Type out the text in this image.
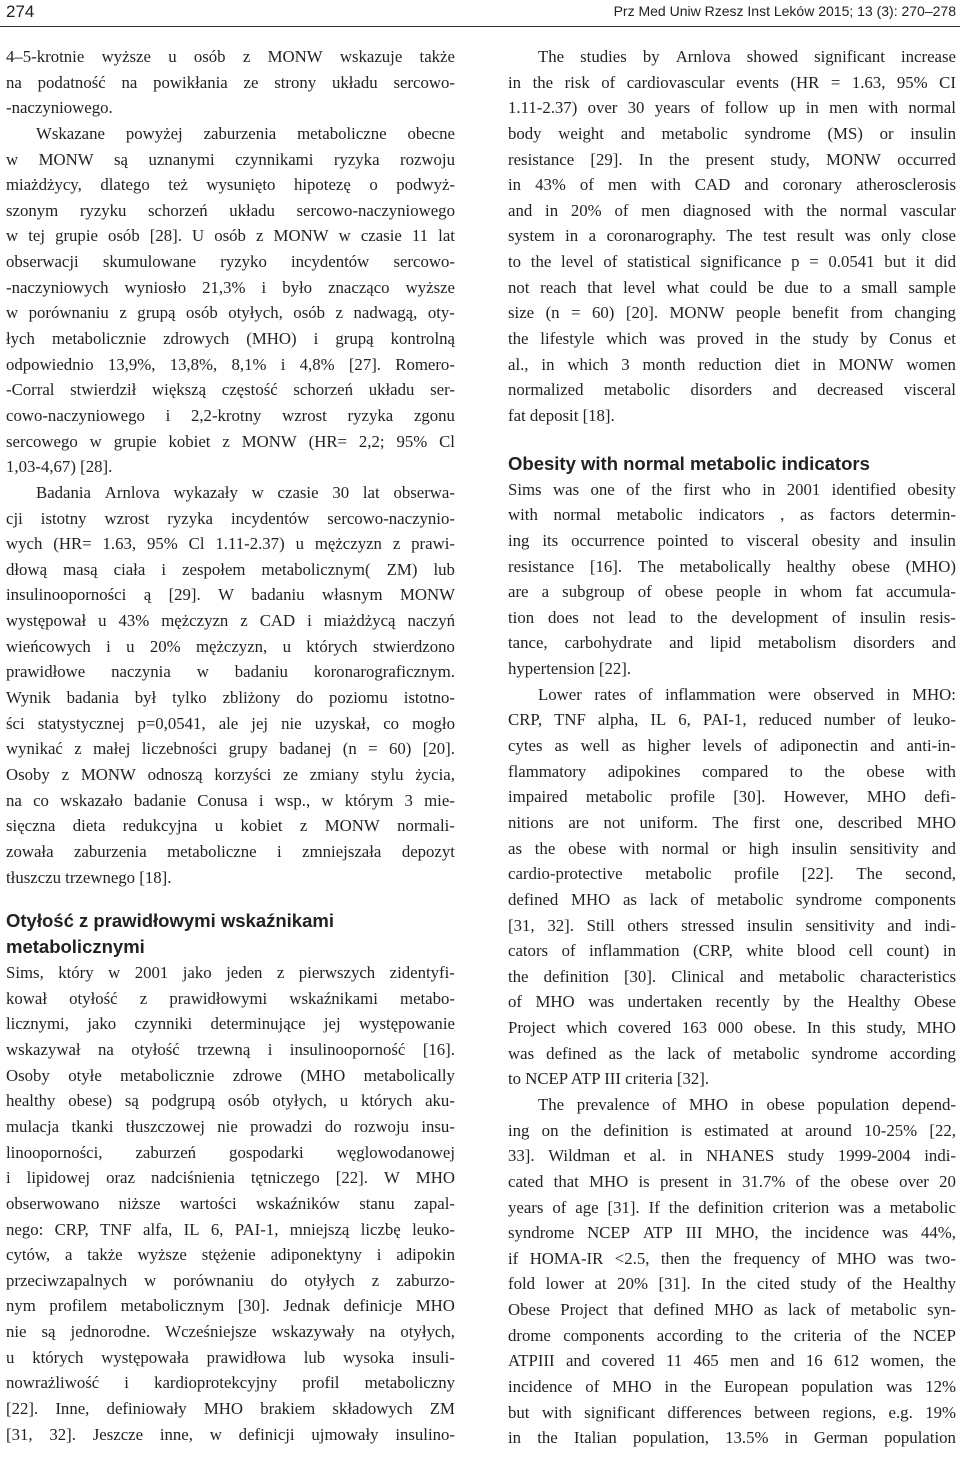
274	Prz Med Uniw Rzesz Inst Leków 2015; 13 (3): 270–278
4–5-krotnie wyższe u osób z MONW wskazuje także
na podatność na powikłania ze strony układu sercowo-
-naczyniowego.
Wskazane powyżej zaburzenia metaboliczne obecne
w MONW są uznanymi czynnikami ryzyka rozwoju
miażdżycy, dlatego też wysunięto hipotezę o podwyż-
szonym ryzyku schorzeń układu sercowo-naczyniowego
w tej grupie osób [28]. U osób z MONW w czasie 11 lat
obserwacji skumulowane ryzyko incydentów sercowo-
-naczyniowych wyniosło 21,3% i było znacząco wyższe
w porównaniu z grupą osób otyłych, osób z nadwagą, oty-
łych metabolicznie zdrowych (MHO) i grupą kontrolną
odpowiednio 13,9%, 13,8%, 8,1% i 4,8% [27]. Romero-
-Corral stwierdził większą częstość schorzeń układu ser-
cowo-naczyniowego i 2,2-krotny wzrost ryzyka zgonu
sercowego w grupie kobiet z MONW (HR= 2,2; 95% Cl
1,03-4,67) [28].
Badania Arnlova wykazały w czasie 30 lat obserwa-
cji istotny wzrost ryzyka incydentów sercowo-naczynio-
wych (HR= 1.63, 95% Cl 1.11-2.37) u mężczyzn z prawi-
dłową masą ciała i zespołem metabolicznym( ZM) lub
insulinooporności ą [29]. W badaniu własnym MONW
występował u 43% mężczyzn z CAD i miażdżycą naczyń
wieńcowych i u 20% mężczyzn, u których stwierdzono
prawidłowe naczynia w badaniu koronarograficznym.
Wynik badania był tylko zbliżony do poziomu istotno-
ści statystycznej p=0,0541, ale jej nie uzyskał, co mogło
wynikać z małej liczebności grupy badanej (n = 60) [20].
Osoby z MONW odnoszą korzyści ze zmiany stylu życia,
na co wskazało badanie Conusa i wsp., w którym 3 mie-
sięczna dieta redukcyjna u kobiet z MONW normali-
zowała zaburzenia metaboliczne i zmniejszała depozyt
tłuszczu trzewnego [18].
Otyłość z prawidłowymi wskaźnikami
metabolicznymi
Sims, który w 2001 jako jeden z pierwszych zidentyfi-
kował otyłość z prawidłowymi wskaźnikami metabo-
licznymi, jako czynniki determinujące jej występowanie
wskazywał na otyłość trzewną i insulinooporność [16].
Osoby otyłe metabolicznie zdrowe (MHO metabolically
healthy obese) są podgrupą osób otyłych, u których aku-
mulacja tkanki tłuszczowej nie prowadzi do rozwoju insu-
linooporności, zaburzeń gospodarki węglowodanowej
i lipidowej oraz nadciśnienia tętniczego [22]. W MHO
obserwowano niższe wartości wskaźników stanu zapal-
nego: CRP, TNF alfa, IL 6, PAI-1, mniejszą liczbę leuko-
cytów, a także wyższe stężenie adiponektyny i adipokin
przeciwzapalnych w porównaniu do otyłych z zaburzo-
nym profilem metabolicznym [30]. Jednak definicje MHO
nie są jednorodne. Wcześniejsze wskazywały na otyłych,
u których występowała prawidłowa lub wysoka insuli-
nowrażliwość i kardioprotekcyjny profil metaboliczny
[22]. Inne, definiowały MHO brakiem składowych ZM
[31, 32]. Jeszcze inne, w definicji ujmowały insulino-
The studies by Arnlova showed significant increase
in the risk of cardiovascular events (HR = 1.63, 95% CI
1.11-2.37) over 30 years of follow up in men with normal
body weight and metabolic syndrome (MS) or insulin
resistance [29]. In the present study, MONW occurred
in 43% of men with CAD and coronary atherosclerosis
and in 20% of men diagnosed with the normal vascular
system in a coronarography. The test result was only close
to the level of statistical significance p = 0.0541 but it did
not reach that level what could be due to a small sample
size (n = 60) [20]. MONW people benefit from changing
the lifestyle which was proved in the study by Conus et
al., in which 3 month reduction diet in MONW women
normalized metabolic disorders and decreased visceral
fat deposit [18].
Obesity with normal metabolic indicators
Sims was one of the first who in 2001 identified obesity
with normal metabolic indicators , as factors determin-
ing its occurrence pointed to visceral obesity and insulin
resistance [16]. The metabolically healthy obese (MHO)
are a subgroup of obese people in whom fat accumula-
tion does not lead to the development of insulin resis-
tance, carbohydrate and lipid metabolism disorders and
hypertension [22].
Lower rates of inflammation were observed in MHO:
CRP, TNF alpha, IL 6, PAI-1, reduced number of leuko-
cytes as well as higher levels of adiponectin and anti-in-
flammatory adipokines compared to the obese with
impaired metabolic profile [30]. However, MHO defi-
nitions are not uniform. The first one, described MHO
as the obese with normal or high insulin sensitivity and
cardio-protective metabolic profile [22]. The second,
defined MHO as lack of metabolic syndrome components
[31, 32]. Still others stressed insulin sensitivity and indi-
cators of inflammation (CRP, white blood cell count) in
the definition [30]. Clinical and metabolic characteristics
of MHO was undertaken recently by the Healthy Obese
Project which covered 163 000 obese. In this study, MHO
was defined as the lack of metabolic syndrome according
to NCEP ATP III criteria [32].
The prevalence of MHO in obese population depend-
ing on the definition is estimated at around 10-25% [22,
33]. Wildman et al. in NHANES study 1999-2004 indi-
cated that MHO is present in 31.7% of the obese over 20
years of age [31]. If the definition criterion was a metabolic
syndrome NCEP ATP III MHO, the incidence was 44%,
if HOMA-IR <2.5, then the frequency of MHO was two-
fold lower at 20% [31]. In the cited study of the Healthy
Obese Project that defined MHO as lack of metabolic syn-
drome components according to the criteria of the NCEP
ATPIII and covered 11 465 men and 16 612 women, the
incidence of MHO in the European population was 12%
but with significant differences between regions, e.g. 19%
in the Italian population, 13.5% in German population
